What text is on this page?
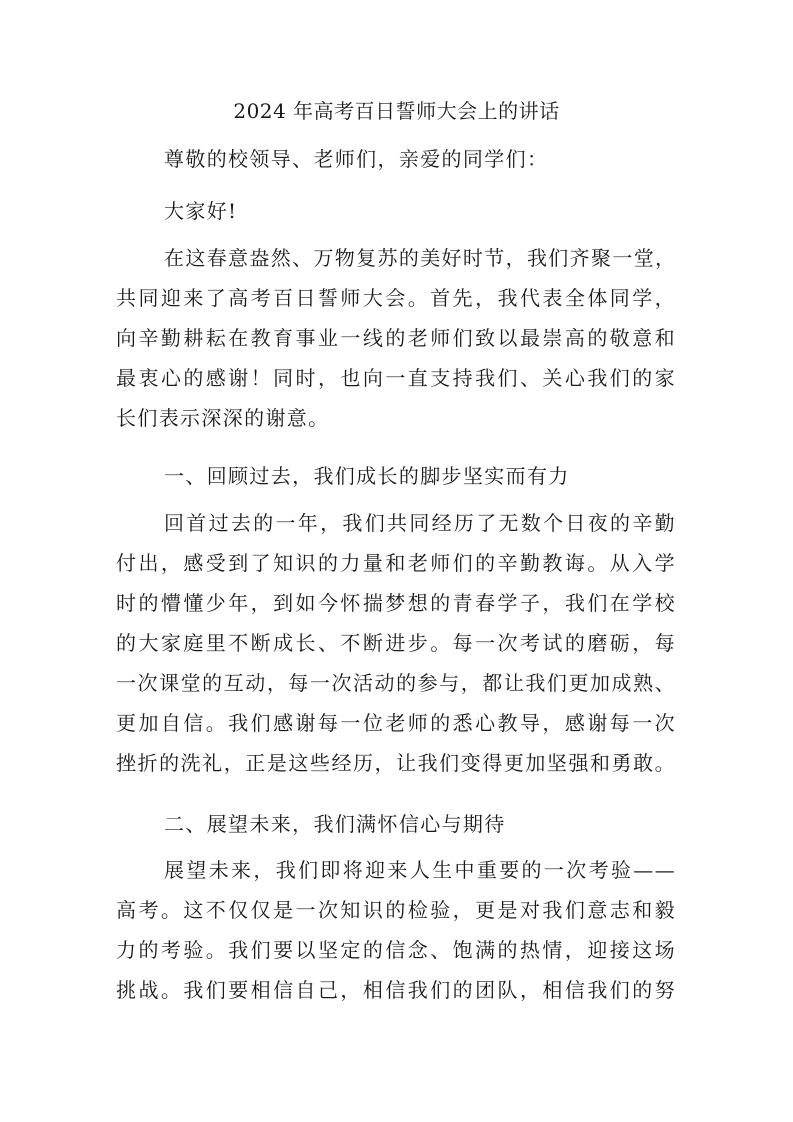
2024 年高考百日誓师大会上的讲话
尊敬的校领导、老师们，亲爱的同学们：
大家好!
在这春意盎然、万物复苏的美好时节，我们齐聚一堂，
共同迎来了高考百日誓师大会。首先，我代表全体同学，
向辛勤耕耘在教育事业一线的老师们致以最崇高的敬意和
最衷心的感谢！同时，也向一直支持我们、关心我们的家
长们表示深深的谢意。
一、回顾过去，我们成长的脚步坚实而有力
回首过去的一年，我们共同经历了无数个日夜的辛勤
付出，感受到了知识的力量和老师们的辛勤教诲。从入学
时的懵懂少年，到如今怀揣梦想的青春学子，我们在学校
的大家庭里不断成长、不断进步。每一次考试的磨砺，每
一次课堂的互动，每一次活动的参与，都让我们更加成熟、
更加自信。我们感谢每一位老师的悉心教导，感谢每一次
挫折的洗礼，正是这些经历，让我们变得更加坚强和勇敢。
二、展望未来，我们满怀信心与期待
展望未来，我们即将迎来人生中重要的一次考验——
高考。这不仅仅是一次知识的检验，更是对我们意志和毅
力的考验。我们要以坚定的信念、饱满的热情，迎接这场
挑战。我们要相信自己，相信我们的团队，相信我们的努
